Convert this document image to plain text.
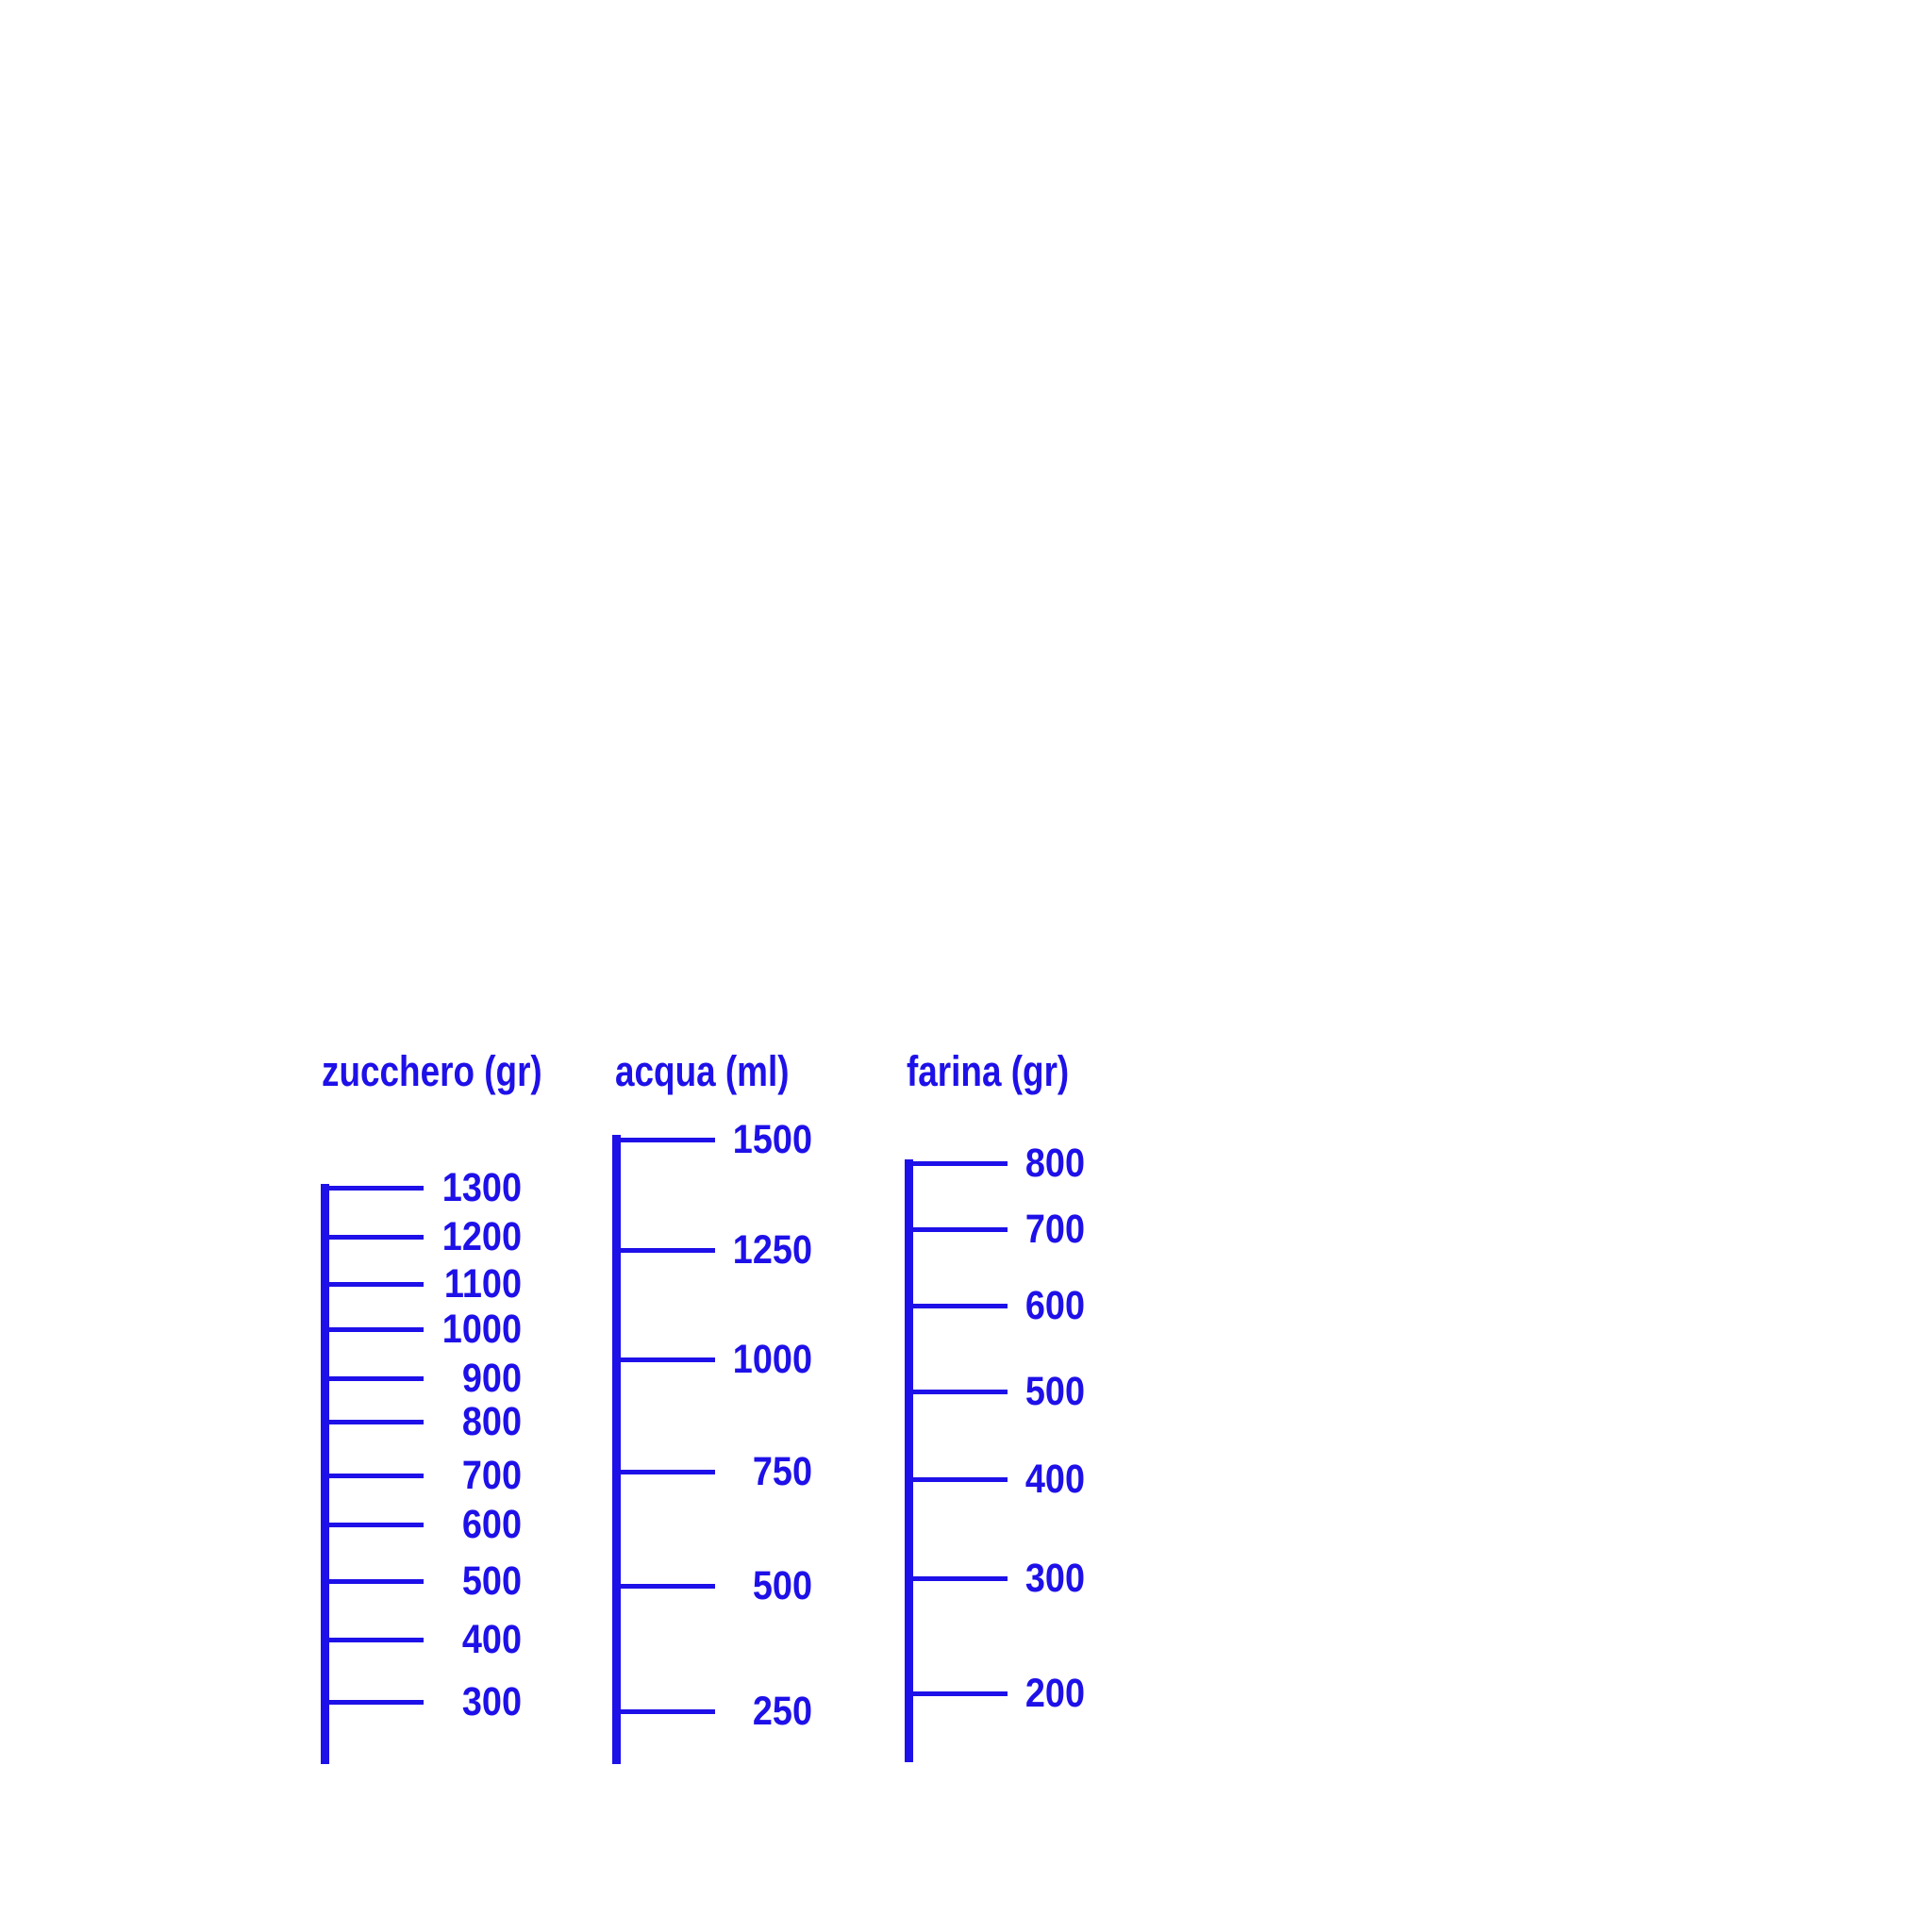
zucchero (gr)
1300
1200
1100
1000
900
800
700
600
500
400
300
acqua (ml)
1500
1250
1000
750
500
250
farina (gr)
800
700
600
500
400
300
200
